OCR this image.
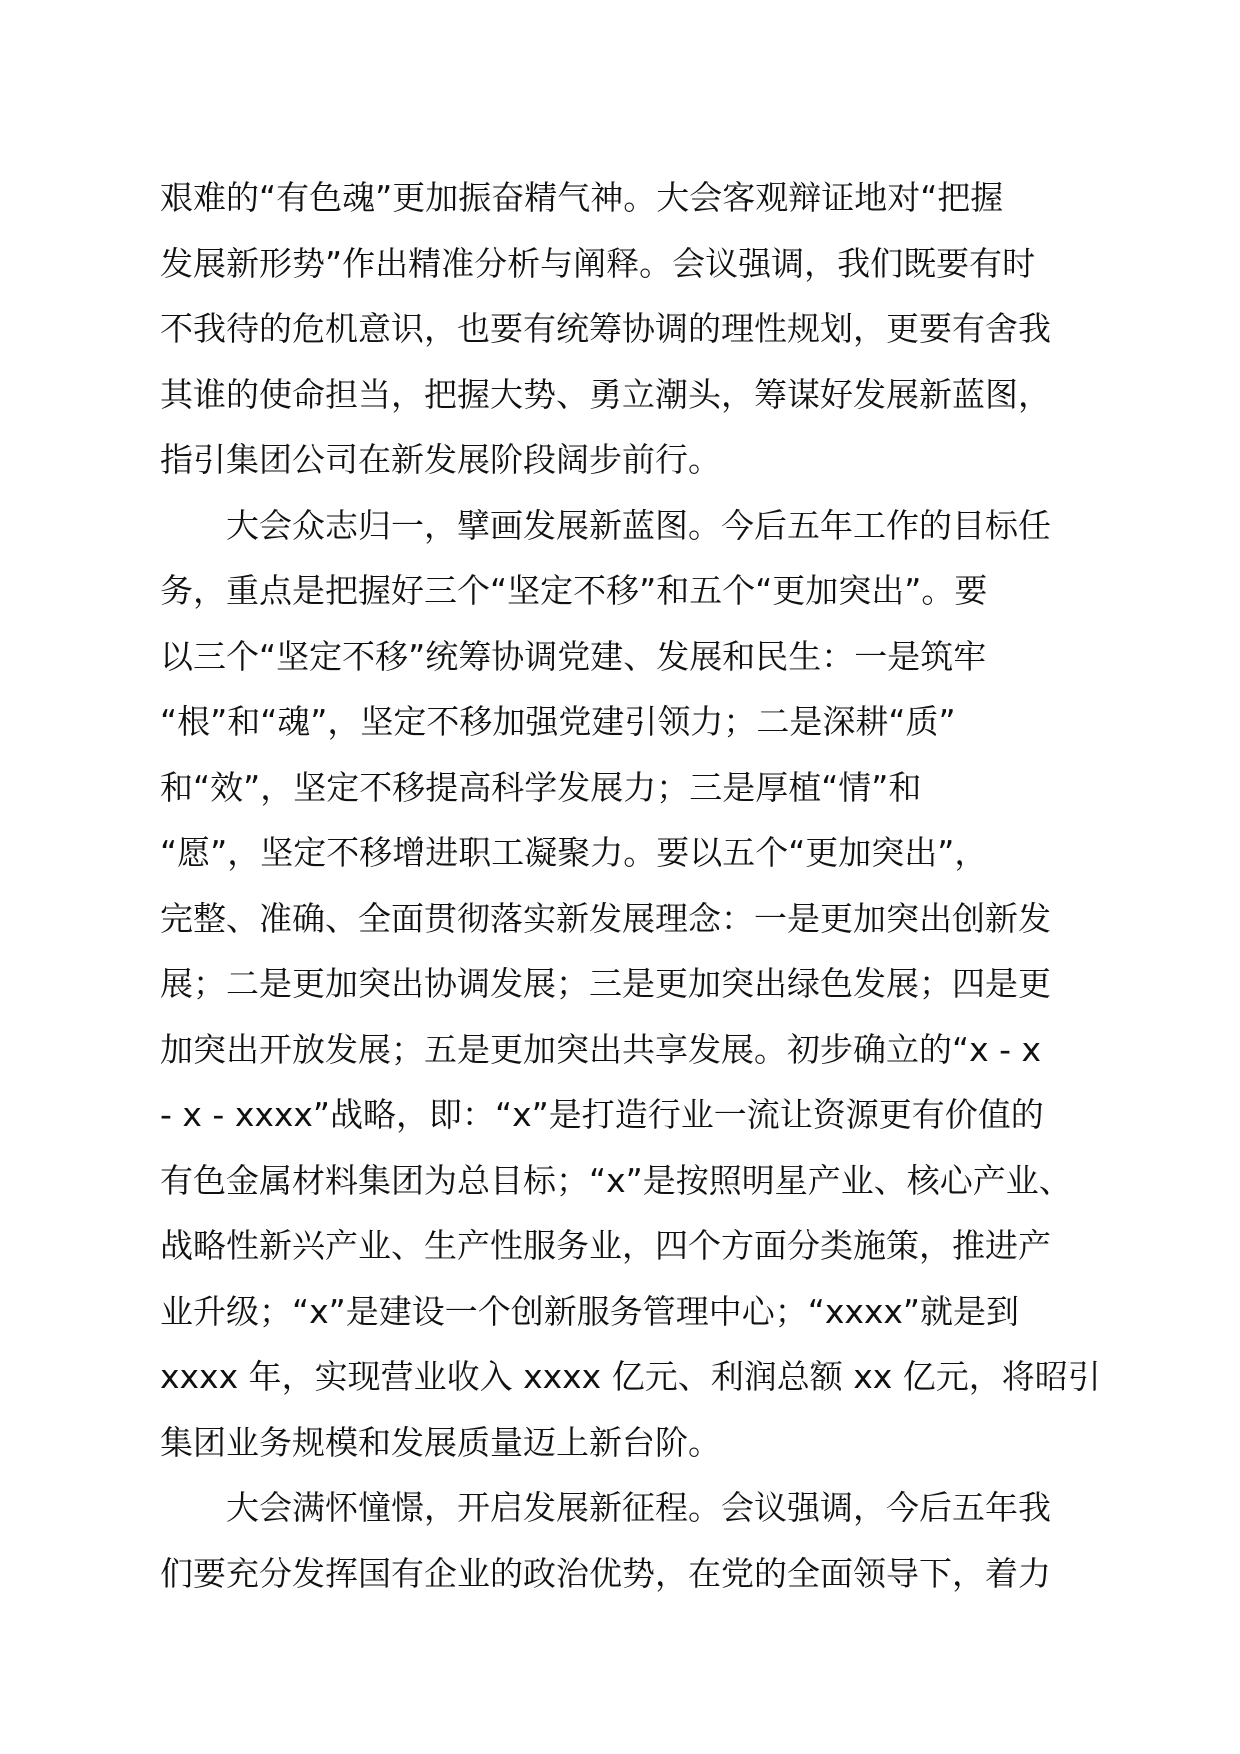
艰难的“有色魂”更加振奋精气神。大会客观辩证地对“把握
发展新形势”作出精准分析与阐释。会议强调，我们既要有时
不我待的危机意识，也要有统筹协调的理性规划，更要有舍我
其谁的使命担当，把握大势、勇立潮头，筹谋好发展新蓝图，
指引集团公司在新发展阶段阔步前行。
大会众志归一，擘画发展新蓝图。今后五年工作的目标任
务，重点是把握好三个“坚定不移”和五个“更加突出”。要
以三个“坚定不移”统筹协调党建、发展和民生：一是筑牢
“根”和“魂”，坚定不移加强党建引领力；二是深耕“质”
和“效”，坚定不移提高科学发展力；三是厚植“情”和
“愿”，坚定不移增进职工凝聚力。要以五个“更加突出”，
完整、准确、全面贯彻落实新发展理念：一是更加突出创新发
展；二是更加突出协调发展；三是更加突出绿色发展；四是更
加突出开放发展；五是更加突出共享发展。初步确立的“x - x
- x - xxxx”战略，即：“x”是打造行业一流让资源更有价值的
有色金属材料集团为总目标；“x”是按照明星产业、核心产业、
战略性新兴产业、生产性服务业，四个方面分类施策，推进产
业升级；“x”是建设一个创新服务管理中心；“xxxx”就是到
xxxx 年，实现营业收入 xxxx 亿元、利润总额 xx 亿元，将昭引
集团业务规模和发展质量迈上新台阶。
大会满怀憧憬，开启发展新征程。会议强调，今后五年我
们要充分发挥国有企业的政治优势，在党的全面领导下，着力
